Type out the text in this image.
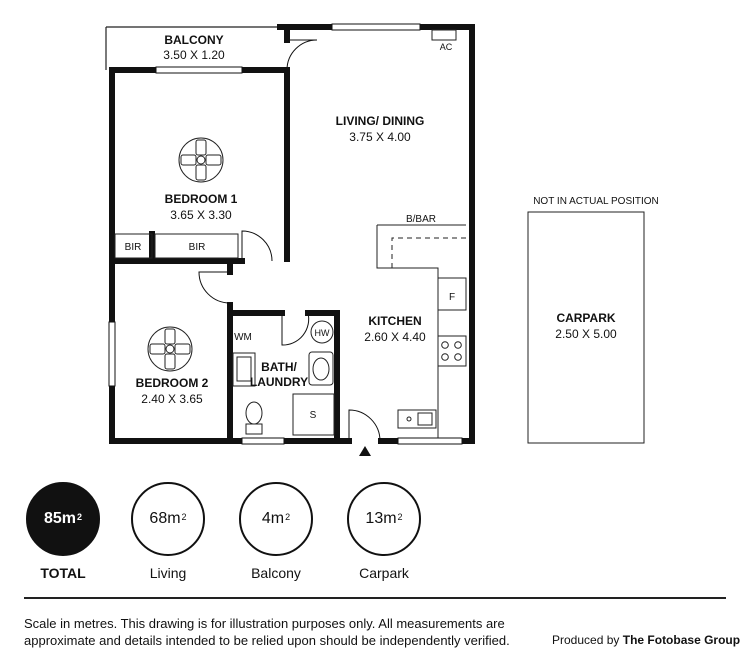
BALCONY
3.50 X 1.20
LIVING/ DINING
3.75 X 4.00
BEDROOM 1
3.65 X 3.30
BEDROOM 2
2.40 X 3.65
KITCHEN
2.60 X 4.40
BATH/
LAUNDRY
NOT IN ACTUAL POSITION
CARPARK
2.50 X 5.00
AC
B/BAR
F
BIR	BIR
WM	HW
S
$85m^2$
TOTAL
$68m^2$
Living
$4m^2$
Balcony
$13m^2$
Carpark
Scale in metres. This drawing is for illustration purposes only. All measurements are approximate and details intended to be relied upon should be independently verified.	Produced by The Fotobase Group
